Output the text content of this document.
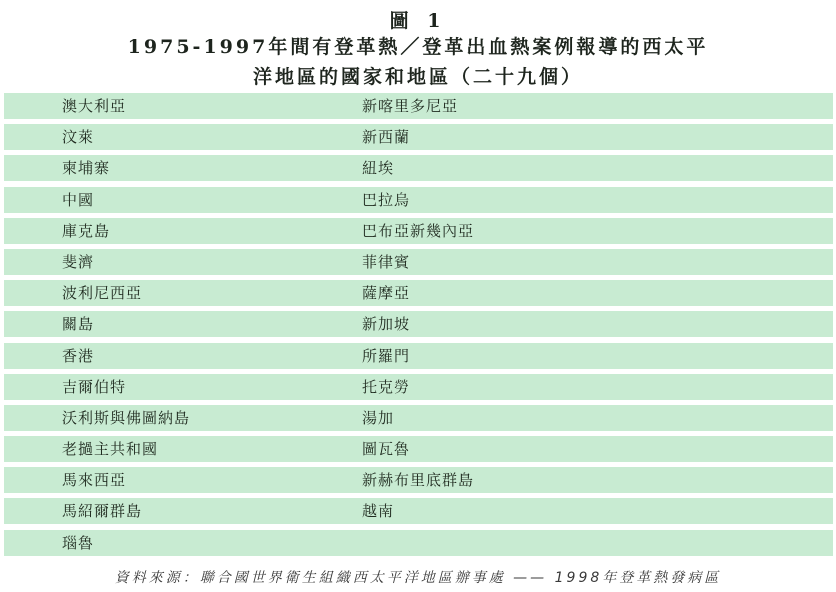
圖 1
1975-1997年間有登革熱／登革出血熱案例報導的西太平
洋地區的國家和地區（二十九個）
澳大利亞	新喀里多尼亞
汶萊	新西蘭
柬埔寨	紐埃
中國	巴拉烏
庫克島	巴布亞新幾內亞
斐濟	菲律賓
波利尼西亞	薩摩亞
關島	新加坡
香港	所羅門
吉爾伯特	托克勞
沃利斯與佛圖納島	湯加
老撾主共和國	圖瓦魯
馬來西亞	新赫布里底群島
馬紹爾群島	越南
瑙魯
資料來源：聯合國世界衛生組織西太平洋地區辦事處 —— 1998年登革熱發病區
